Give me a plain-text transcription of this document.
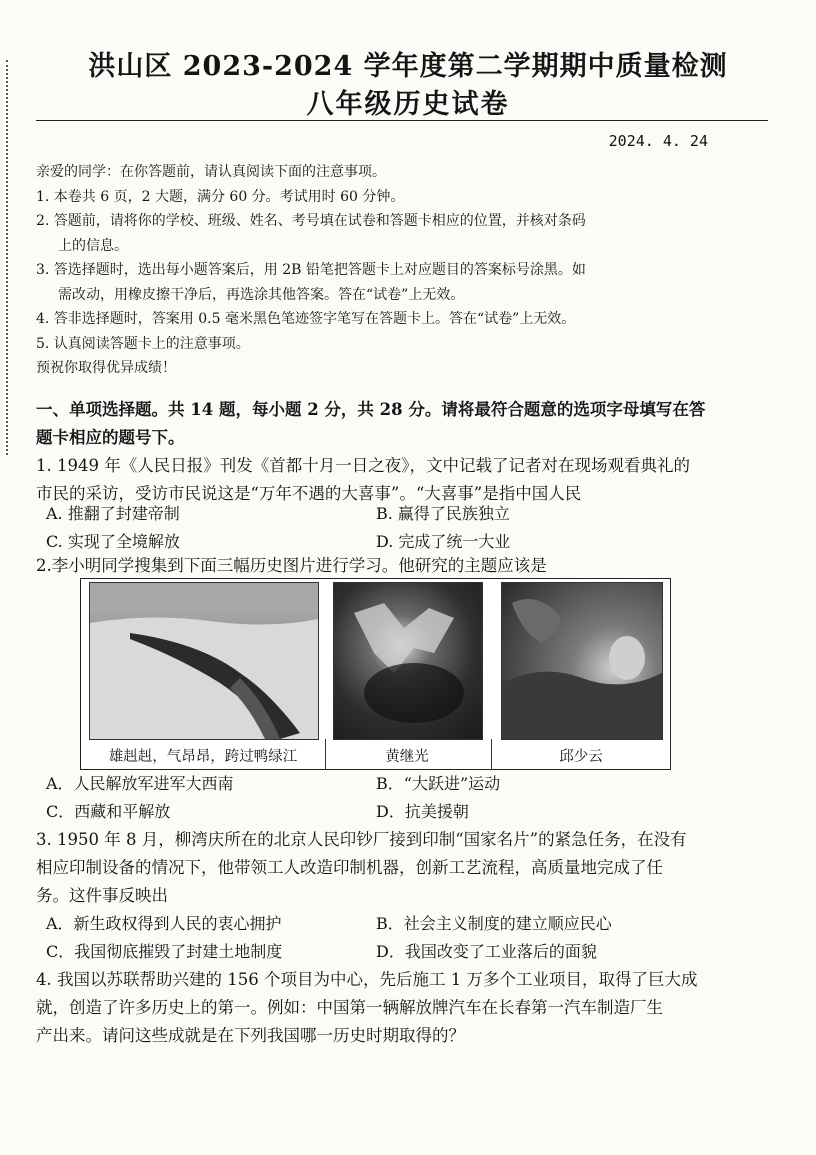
洪山区 2023-2024 学年度第二学期期中质量检测
八年级历史试卷
2024. 4. 24
亲爱的同学：在你答题前，请认真阅读下面的注意事项。
1. 本卷共 6 页，2 大题，满分 60 分。考试用时 60 分钟。
2. 答题前，请将你的学校、班级、姓名、考号填在试卷和答题卡相应的位置，并核对条码
上的信息。
3. 答选择题时，选出每小题答案后，用 2B 铅笔把答题卡上对应题目的答案标号涂黑。如
需改动，用橡皮擦干净后，再选涂其他答案。答在“试卷”上无效。
4. 答非选择题时，答案用 0.5 毫米黑色笔迹签字笔写在答题卡上。答在“试卷”上无效。
5. 认真阅读答题卡上的注意事项。
预祝你取得优异成绩！
一、单项选择题。共 14 题，每小题 2 分，共 28 分。请将最符合题意的选项字母填写在答
题卡相应的题号下。
1. 1949 年《人民日报》刊发《首都十月一日之夜》，文中记载了记者对在现场观看典礼的
市民的采访，受访市民说这是“万年不遇的大喜事”。“大喜事”是指中国人民
A. 推翻了封建帝制	B. 赢得了民族独立
C. 实现了全境解放	D. 完成了统一大业
2.李小明同学搜集到下面三幅历史图片进行学习。他研究的主题应该是
雄赳赳，气昂昂，跨过鸭绿江	黄继光	邱少云
A．人民解放军进军大西南	B．“大跃进”运动
C．西藏和平解放	D．抗美援朝
3. 1950 年 8 月，柳湾庆所在的北京人民印钞厂接到印制“国家名片”的紧急任务，在没有
相应印制设备的情况下，他带领工人改造印制机器，创新工艺流程，高质量地完成了任
务。这件事反映出
A．新生政权得到人民的衷心拥护	B．社会主义制度的建立顺应民心
C．我国彻底摧毁了封建土地制度	D．我国改变了工业落后的面貌
4. 我国以苏联帮助兴建的 156 个项目为中心，先后施工 1 万多个工业项目，取得了巨大成
就，创造了许多历史上的第一。例如：中国第一辆解放牌汽车在长春第一汽车制造厂生
产出来。请问这些成就是在下列我国哪一历史时期取得的？
